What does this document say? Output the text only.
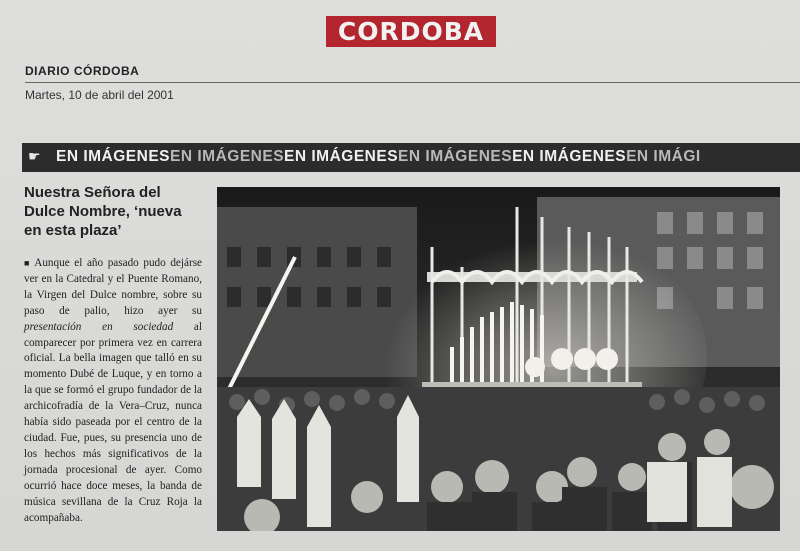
CORDOBA
DIARIO CÓRDOBA
Martes, 10 de abril del 2001
☛ EN IMÁGENESEN IMÁGENESEN IMÁGENESEN IMÁGENESEN IMÁGENESEN IMÁGI
Nuestra Señora del Dulce Nombre, ‘nueva en esta plaza’
■ Aunque el año pasado pudo dejárse ver en la Catedral y el Puente Romano, la Virgen del Dulce nombre, sobre su paso de palio, hizo ayer su presentación en sociedad al comparecer por primera vez en carrera oficial. La bella imagen que talló en su momento Dubé de Luque, y en torno a la que se formó el grupo fundador de la archicofradía de la Vera–Cruz, nunca había sido paseada por el centro de la ciudad. Fue, pues, su presencia uno de los hechos más significativos de la jornada procesional de ayer. Como ocurrió hace doce meses, la banda de música sevillana de la Cruz Roja la acompañaba.
